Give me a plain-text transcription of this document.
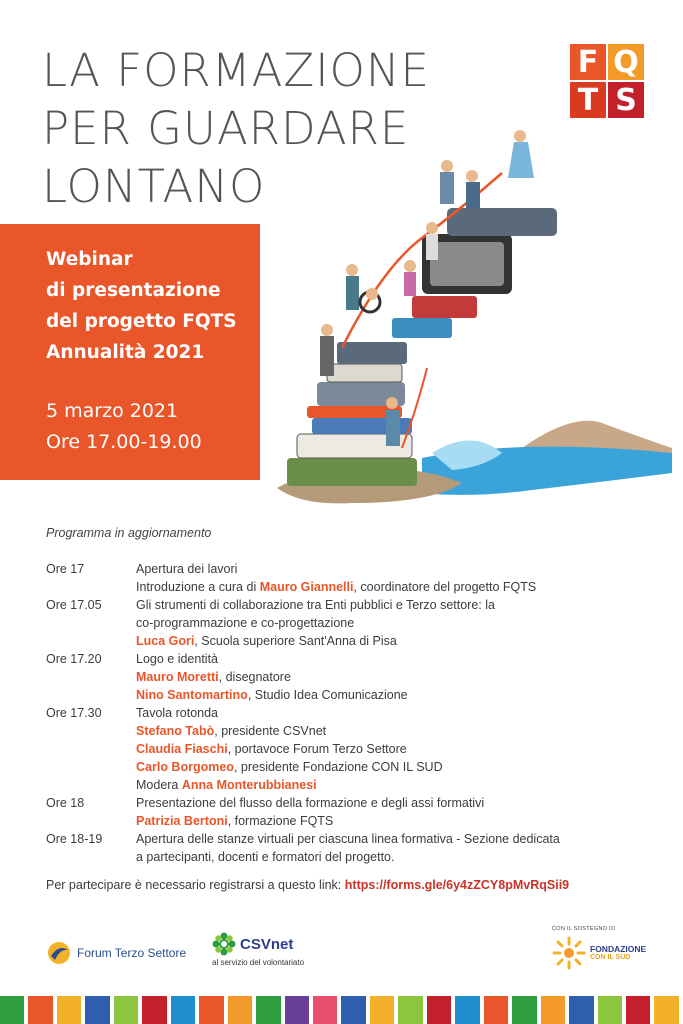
LA FORMAZIONE
PER GUARDARE
LONTANO
F Q
T S
Webinar
di presentazione
del progetto FQTS
Annualità 2021
5 marzo 2021
Ore 17.00-19.00
Programma in aggiornamento
Ore 17	Apertura dei lavori
Introduzione a cura di Mauro Giannelli, coordinatore del progetto FQTS
Ore 17.05	Gli strumenti di collaborazione tra Enti pubblici e Terzo settore: la
co-programmazione e co-progettazione
Luca Gori, Scuola superiore Sant'Anna di Pisa
Ore 17.20	Logo e identità
Mauro Moretti, disegnatore
Nino Santomartino, Studio Idea Comunicazione
Ore 17.30	Tavola rotonda
Stefano Tabò, presidente CSVnet
Claudia Fiaschi, portavoce Forum Terzo Settore
Carlo Borgomeo, presidente Fondazione CON IL SUD
Modera Anna Monterubbianesi
Ore 18	Presentazione del flusso della formazione e degli assi formativi
Patrizia Bertoni, formazione FQTS
Ore 18-19	Apertura delle stanze virtuali per ciascuna linea formativa - Sezione dedicata
a partecipanti, docenti e formatori del progetto.
Per partecipare è necessario registrarsi a questo link: https://forms.gle/6y4zZCY8pMvRqSii9
Forum Terzo Settore
CSVnet
al servizio del volontariato
CON IL SOSTEGNO DI
FONDAZIONE
CON IL SUD
